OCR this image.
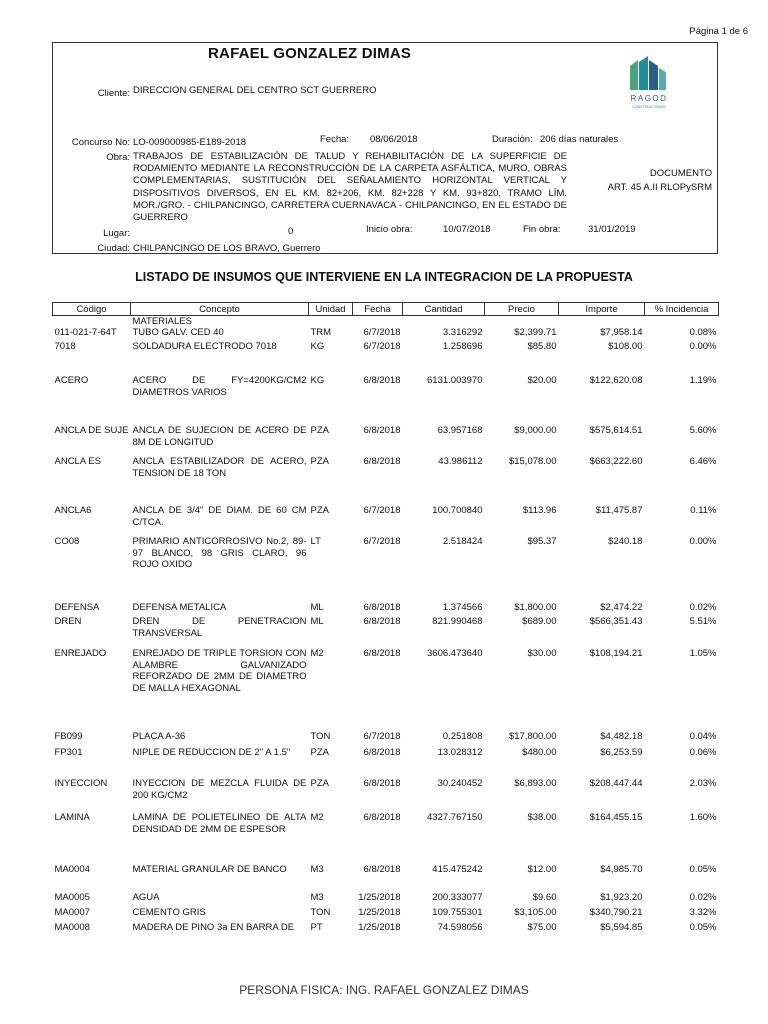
Página 1 de 6
RAFAEL GONZALEZ DIMAS
RAGOD
CONSTRUCCIONES
Cliente: DIRECCION GENERAL DEL CENTRO SCT GUERRERO
Concurso No: LO-009000985-E189-2018	Fecha: 08/06/2018	Duración: 206 días naturales
Obra: TRABAJOS DE ESTABILIZACIÓN DE TALUD Y REHABILITACIÓN DE LA SUPERFICIE DE RODAMIENTO MEDIANTE LA RECONSTRUCCIÓN DE LA CARPETA ASFÁLTICA, MURO, OBRAS COMPLEMENTARIAS, SUSTITUCIÓN DEL SEÑALAMIENTO HORIZONTAL VERTICAL Y DISPOSITIVOS DIVERSOS, EN EL KM. 82+206, KM. 82+228 Y KM. 93+820, TRAMO LÍM. MOR./GRO. - CHILPANCINGO, CARRETERA CUERNAVACA - CHILPANCINGO, EN EL ESTADO DE GUERRERO
DOCUMENTO
ART. 45 A.II RLOPySRM
Lugar:	0	Inicio obra:	10/07/2018	Fin obra:	31/01/2019
Ciudad: CHILPANCINGO DE LOS BRAVO, Guerrero
LISTADO DE INSUMOS QUE INTERVIENE EN LA INTEGRACION DE LA PROPUESTA
Código	Concepto	Unidad	Fecha	Cantidad	Precio	Importe	% Incidencia

	MATERIALES						
011-021-7-64T	TUBO GALV. CED 40	TRM	6/7/2018	3.316292	$2,399.71	$7,958.14	0.08%
7018	SOLDADURA ELECTRODO 7018	KG	6/7/2018	1.258696	$85.80	$108.00	0.00%
ACERO	ACERO DE FY=4200KG/CM2 DIAMETROS VARIOS	KG	6/8/2018	6131.003970	$20.00	$122,620.08	1.19%
ANCLA DE SUJE	ANCLA DE SUJECION DE ACERO DE 8M DE LONGITUD	PZA	6/8/2018	63.957168	$9,000.00	$575,614.51	5.60%
ANCLA ES	ANCLA ESTABILIZADOR DE ACERO, TENSION DE 18 TON	PZA	6/8/2018	43.986112	$15,078.00	$663,222.60	6.46%
ANCLA6	ANCLA DE 3/4" DE DIAM. DE 60 CM C/TCA.	PZA	6/7/2018	100.700840	$113.96	$11,475.87	0.11%
CO08	PRIMARIO ANTICORROSIVO No.2, 89-97 BLANCO, 98 GRIS CLARO, 96 ROJO OXIDO	LT	6/7/2018	2.518424	$95.37	$240.18	0.00%
DEFENSA	DEFENSA METALICA	ML	6/8/2018	1.374566	$1,800.00	$2,474.22	0.02%
DREN	DREN DE PENETRACION TRANSVERSAL	ML	6/8/2018	821.990468	$689.00	$566,351.43	5.51%
ENREJADO	ENREJADO DE TRIPLE TORSION CON ALAMBRE GALVANIZADO REFORZADO DE 2MM DE DIAMETRO DE MALLA HEXAGONAL	M2	6/8/2018	3606.473640	$30.00	$108,194.21	1.05%
FB099	PLACA A-36	TON	6/7/2018	0.251808	$17,800.00	$4,482.18	0.04%
FP301	NIPLE DE REDUCCION DE 2" A 1.5"	PZA	6/8/2018	13.028312	$480.00	$6,253.59	0.06%
INYECCION	INYECCION DE MEZCLA FLUIDA DE 200 KG/CM2	PZA	6/8/2018	30.240452	$6,893.00	$208,447.44	2.03%
LAMINA	LAMINA DE POLIETELINEO DE ALTA DENSIDAD DE 2MM DE ESPESOR	M2	6/8/2018	4327.767150	$38.00	$164,455.15	1.60%
MA0004	MATERIAL GRANULAR DE BANCO	M3	6/8/2018	415.475242	$12.00	$4,985.70	0.05%
MA0005	AGUA	M3	1/25/2018	200.333077	$9.60	$1,923.20	0.02%
MA0007	CEMENTO GRIS	TON	1/25/2018	109.755301	$3,105.00	$340,790.21	3.32%
MA0008	MADERA DE PINO 3a EN BARRA DE	PT	1/25/2018	74.598056	$75.00	$5,594.85	0.05%
PERSONA FISICA: ING. RAFAEL GONZALEZ DIMAS
